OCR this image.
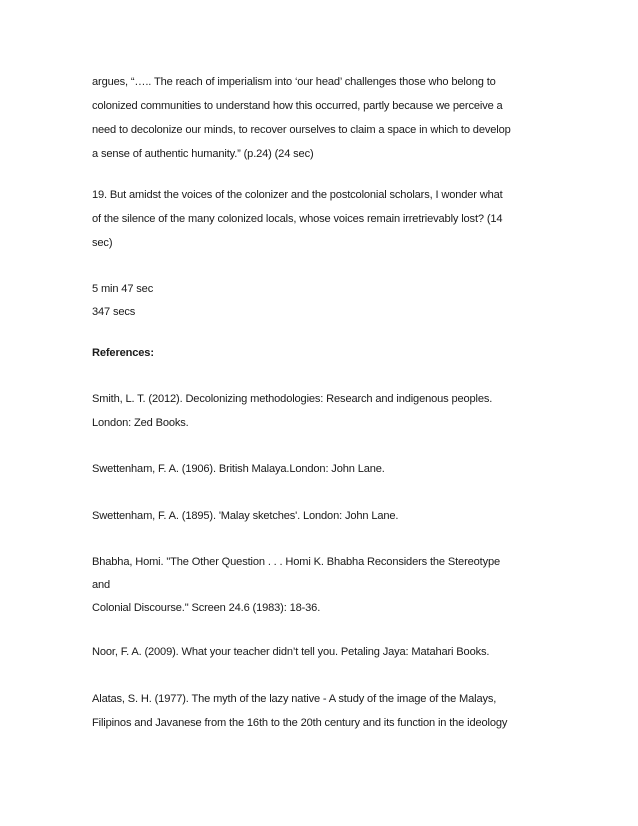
argues, “….. The reach of imperialism into ‘our head’ challenges those who belong to
colonized communities to understand how this occurred, partly because we perceive a
need to decolonize our minds, to recover ourselves to claim a space in which to develop
a sense of authentic humanity.” (p.24) (24 sec)
19. But amidst the voices of the colonizer and the postcolonial scholars, I wonder what
of the silence of the many colonized locals, whose voices remain irretrievably lost? (14
sec)
5 min 47 sec
347 secs
References:
Smith, L. T. (2012). Decolonizing methodologies: Research and indigenous peoples.
London: Zed Books.
Swettenham, F. A. (1906). British Malaya.London: John Lane.
Swettenham, F. A. (1895). 'Malay sketches'. London: John Lane.
Bhabha, Homi. "The Other Question . . . Homi K. Bhabha Reconsiders the Stereotype
and
Colonial Discourse." Screen 24.6 (1983): 18-36.
Noor, F. A. (2009). What your teacher didn’t tell you. Petaling Jaya: Matahari Books.
Alatas, S. H. (1977). The myth of the lazy native - A study of the image of the Malays,
Filipinos and Javanese from the 16th to the 20th century and its function in the ideology
